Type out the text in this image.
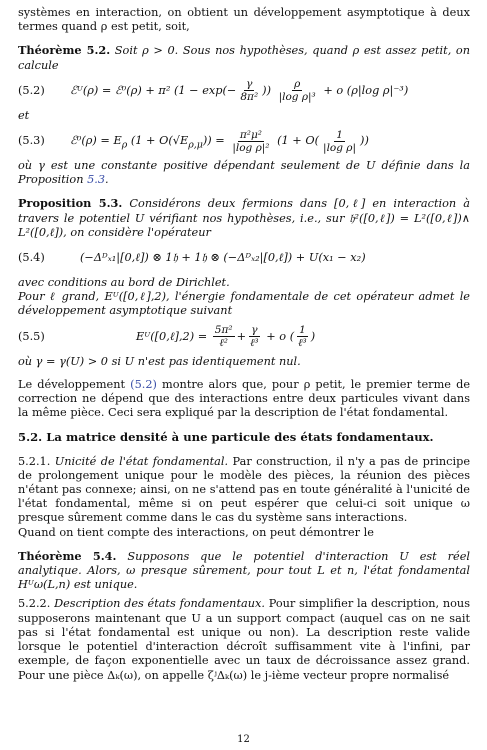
systèmes en interaction, on obtient un développement asymptotique à deux termes quand ρ est petit, soit,

Théorème 5.2. Soit ρ > 0. Sous nos hypothèses, quand ρ est assez petit, on calcule

(5.2) ℰᵁ(ρ) = ℰ⁰(ρ) + π² ($1 - \exp(- \frac{\gamma}{\text{8π²}}$ )) $\frac{\rho}{\text{|log ρ|³}} + o$ (ρ|log ρ|⁻³)

et

(5.3) ℰ⁰(ρ) = $E_\rho$ $(1 + O(√E_{\rho,\mu})) = \frac{\text{π²μ²}}{\text{|log ρ|²}} (1 + O( \frac{1}{\text{|log ρ|}}$ ))

où γ est une constante positive dépendant seulement de U définie dans la Proposition 5.3.

Proposition 5.3. Considérons deux fermions dans [0,ℓ] en interaction à travers le potentiel U vérifiant nos hypothèses, i.e., sur 𝔥²([0,ℓ]) = L²([0,ℓ])∧ L²([0,ℓ]), on considère l'opérateur

(5.4)	(−Δᴰₓ₁|[0,ℓ]) ⊗ 1𝔥 + 1𝔥 ⊗ (−Δᴰₓ₂|[0,ℓ]) + U(x₁ − x₂)

avec conditions au bord de Dirichlet.

Pour ℓ grand, Eᵁ([0,ℓ],2), l'énergie fondamentale de cet opérateur admet le développement asymptotique suivant

(5.5)	Eᵁ([0,ℓ],2) = $\frac{\text{5π²}}{\text{ℓ²}} + \frac{\gamma}{\text{ℓ³}} + o$ ( $\frac{1}{\text{ℓ³}}$ )

où γ = γ(U) > 0 si U n'est pas identiquement nul.

Le développement (5.2) montre alors que, pour ρ petit, le premier terme de correction ne dépend que des interactions entre deux particules vivant dans la même pièce. Ceci sera expliqué par la description de l'état fondamental.

5.2. La matrice densité à une particule des états fondamentaux.

5.2.1. Unicité de l'état fondamental. Par construction, il n'y a pas de principe de prolongement unique pour le modèle des pièces, la réunion des pièces n'étant pas connexe; ainsi, on ne s'attend pas en toute généralité à l'unicité de l'état fondamental, même si on peut espérer que celui-ci soit unique ω presque sûrement comme dans le cas du système sans interactions.

Quand on tient compte des interactions, on peut démontrer le

Théorème 5.4. Supposons que le potentiel d'interaction U est réel analytique. Alors, ω presque sûrement, pour tout L et n, l'état fondamental Hᵁω(L,n) est unique.

5.2.2. Description des états fondamentaux. Pour simplifier la description, nous supposerons maintenant que U a un support compact (auquel cas on ne sait pas si l'état fondamental est unique ou non). La description reste valide lorsque le potentiel d'interaction décroît suffisamment vite à l'infini, par exemple, de façon exponentielle avec un taux de décroissance assez grand. Pour une pièce Δₖ(ω), on appelle ζʲΔₖ(ω) le j-ième vecteur propre normalisé

12
